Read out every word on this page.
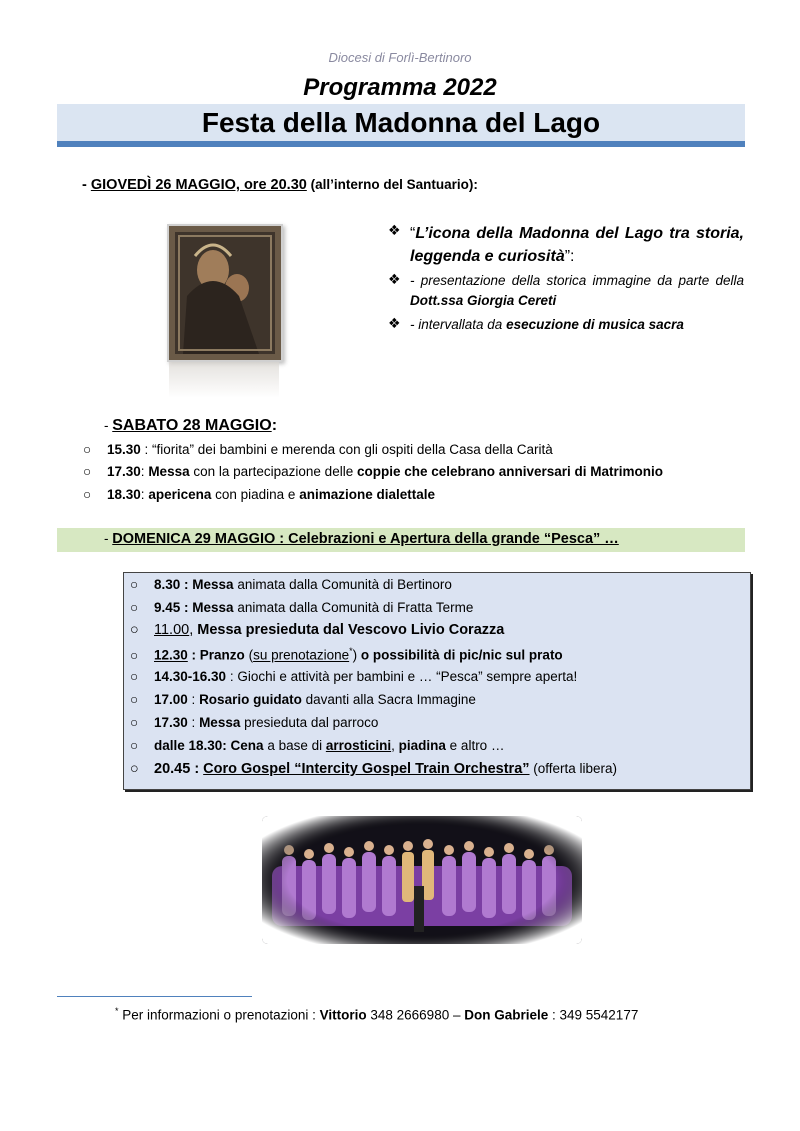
Diocesi di Forlì-Bertinoro
Programma 2022
Festa della Madonna del Lago
- GIOVEDÌ 26 MAGGIO, ore 20.30 (all’interno del Santuario):
❖ “L’icona della Madonna del Lago tra storia, leggenda e curiosità”:
❖ - presentazione della storica immagine da parte della Dott.ssa Giorgia Cereti
❖ - intervallata da esecuzione di musica sacra
- SABATO 28 MAGGIO:
○ 15.30 : “fiorita” dei bambini e merenda con gli ospiti della Casa della Carità
○ 17.30: Messa con la partecipazione delle coppie che celebrano anniversari di Matrimonio
○ 18.30: apericena con piadina e animazione dialettale
- DOMENICA 29 MAGGIO : Celebrazioni e Apertura della grande “Pesca” …
○ 8.30 : Messa animata dalla Comunità di Bertinoro
○ 9.45 : Messa animata dalla Comunità di Fratta Terme
○ 11.00, Messa presieduta dal Vescovo Livio Corazza
○ 12.30 : Pranzo (su prenotazione*) o possibilità di pic/nic sul prato
○ 14.30-16.30 : Giochi e attività per bambini e … “Pesca” sempre aperta!
○ 17.00 : Rosario guidato davanti alla Sacra Immagine
○ 17.30 : Messa presieduta dal parroco
○ dalle 18.30: Cena a base di arrosticini, piadina e altro …
○ 20.45 : Coro Gospel “Intercity Gospel Train Orchestra” (offerta libera)
* Per informazioni o prenotazioni : Vittorio 348 2666980 – Don Gabriele : 349 5542177
